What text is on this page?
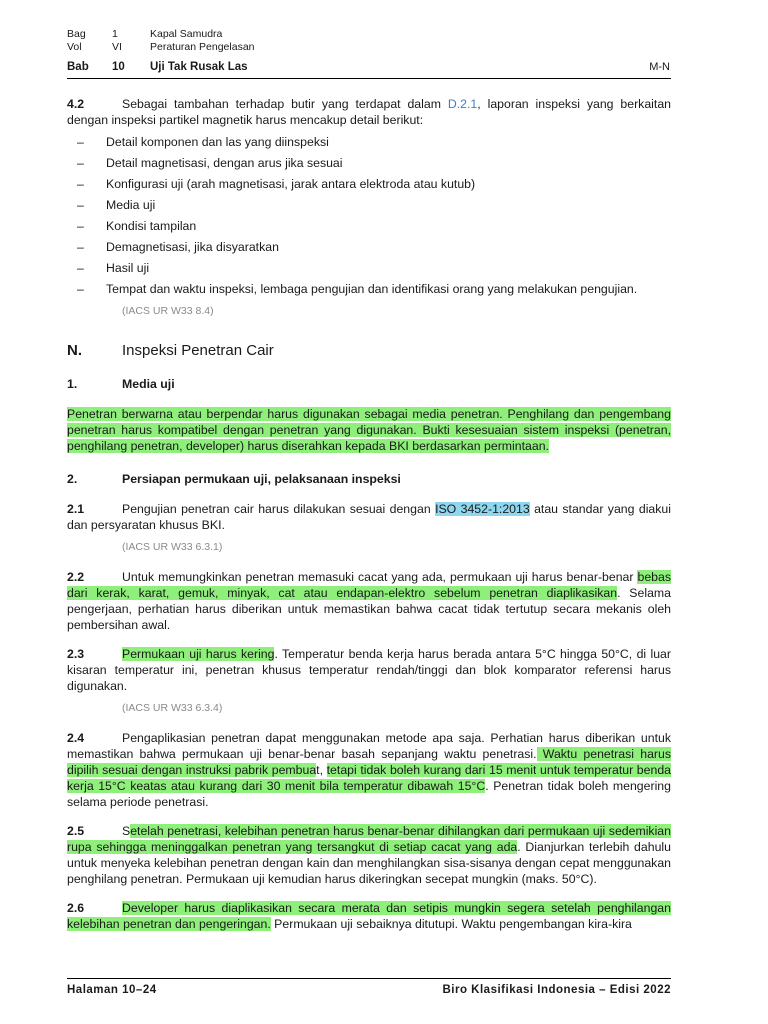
Bag	1	Kapal Samudra
Vol	VI	Peraturan Pengelasan
Bab 10 Uji Tak Rusak Las	M-N

4.2	Sebagai tambahan terhadap butir yang terdapat dalam D.2.1, laporan inspeksi yang berkaitan dengan inspeksi partikel magnetik harus mencakup detail berikut:

– Detail komponen dan las yang diinspeksi
– Detail magnetisasi, dengan arus jika sesuai
– Konfigurasi uji (arah magnetisasi, jarak antara elektroda atau kutub)
– Media uji
– Kondisi tampilan
– Demagnetisasi, jika disyaratkan
– Hasil uji
– Tempat dan waktu inspeksi, lembaga pengujian dan identifikasi orang yang melakukan pengujian.
(IACS UR W33 8.4)
N.	Inspeksi Penetran Cair
1.	Media uji

Penetran berwarna atau berpendar harus digunakan sebagai media penetran. Penghilang dan pengembang penetran harus kompatibel dengan penetran yang digunakan. Bukti kesesuaian sistem inspeksi (penetran, penghilang penetran, developer) harus diserahkan kepada BKI berdasarkan permintaan.

2.	Persiapan permukaan uji, pelaksanaan inspeksi

2.1	Pengujian penetran cair harus dilakukan sesuai dengan ISO 3452-1:2013 atau standar yang diakui dan persyaratan khusus BKI.

(IACS UR W33 6.3.1)

2.2	Untuk memungkinkan penetran memasuki cacat yang ada, permukaan uji harus benar-benar bebas dari kerak, karat, gemuk, minyak, cat atau endapan-elektro sebelum penetran diaplikasikan. Selama pengerjaan, perhatian harus diberikan untuk memastikan bahwa cacat tidak tertutup secara mekanis oleh pembersihan awal.

2.3	Permukaan uji harus kering. Temperatur benda kerja harus berada antara 5°C hingga 50°C, di luar kisaran temperatur ini, penetran khusus temperatur rendah/tinggi dan blok komparator referensi harus digunakan.

(IACS UR W33 6.3.4)

2.4	Pengaplikasian penetran dapat menggunakan metode apa saja. Perhatian harus diberikan untuk memastikan bahwa permukaan uji benar-benar basah sepanjang waktu penetrasi. Waktu penetrasi harus dipilih sesuai dengan instruksi pabrik pembuat, tetapi tidak boleh kurang dari 15 menit untuk temperatur benda kerja 15°C keatas atau kurang dari 30 menit bila temperatur dibawah 15°C. Penetran tidak boleh mengering selama periode penetrasi.

2.5	Setelah penetrasi, kelebihan penetran harus benar-benar dihilangkan dari permukaan uji sedemikian rupa sehingga meninggalkan penetran yang tersangkut di setiap cacat yang ada. Dianjurkan terlebih dahulu untuk menyeka kelebihan penetran dengan kain dan menghilangkan sisa-sisanya dengan cepat menggunakan penghilang penetran. Permukaan uji kemudian harus dikeringkan secepat mungkin (maks. 50°C).

2.6	Developer harus diaplikasikan secara merata dan setipis mungkin segera setelah penghilangan kelebihan penetran dan pengeringan. Permukaan uji sebaiknya ditutupi. Waktu pengembangan kira-kira

Halaman 10–24	Biro Klasifikasi Indonesia – Edisi 2022
